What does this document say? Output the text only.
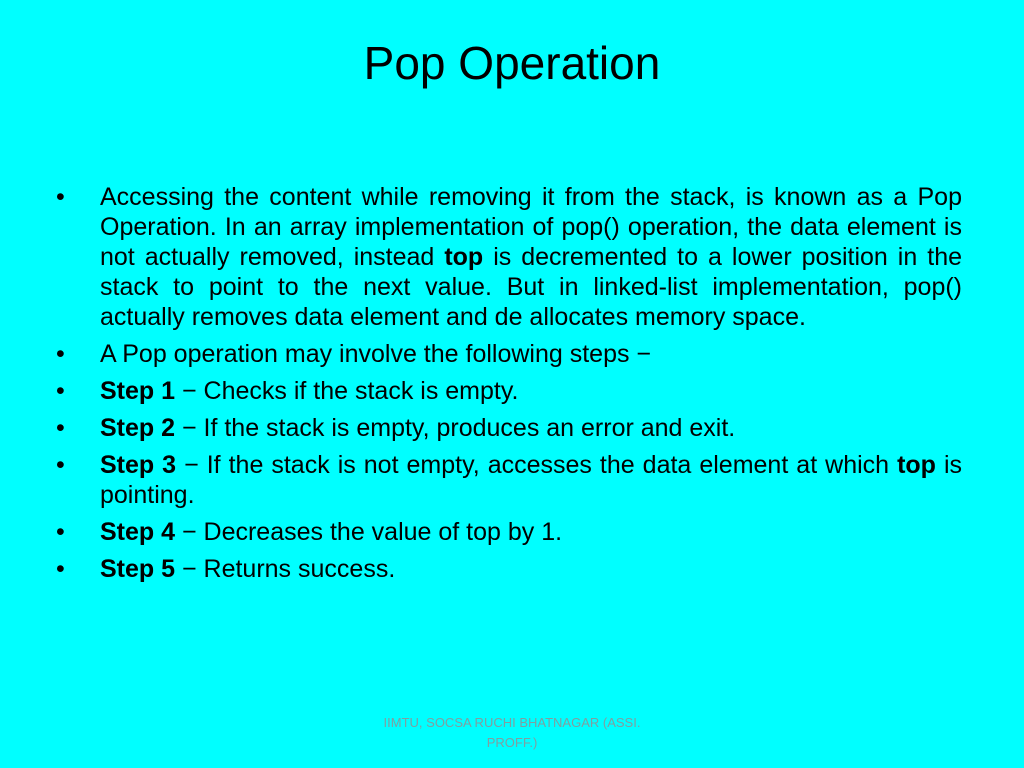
Pop Operation
•	Accessing the content while removing it from the stack, is known as a Pop Operation. In an array implementation of pop() operation, the data element is not actually removed, instead top is decremented to a lower position in the stack to point to the next value. But in linked-list implementation, pop() actually removes data element and de allocates memory space.
•	A Pop operation may involve the following steps −
•	Step 1 − Checks if the stack is empty.
•	Step 2 − If the stack is empty, produces an error and exit.
•	Step 3 − If the stack is not empty, accesses the data element at which top is pointing.
•	Step 4 − Decreases the value of top by 1.
•	Step 5 − Returns success.
IIMTU, SOCSA RUCHI BHATNAGAR (ASSI. PROFF.)
